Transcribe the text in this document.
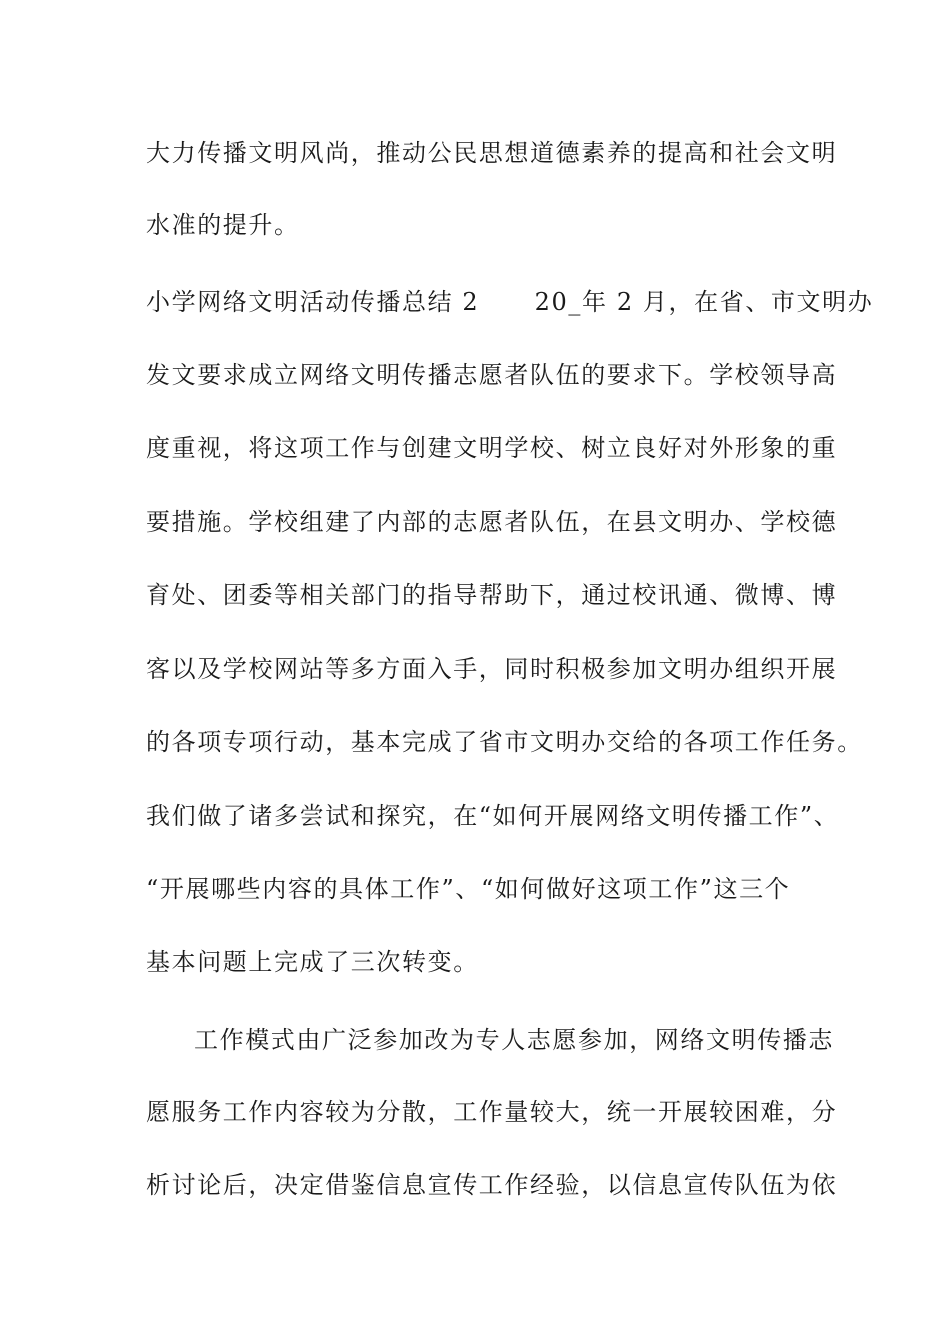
大力传播文明风尚，推动公民思想道德素养的提高和社会文明
水准的提升。
小学网络文明活动传播总结 2      20_年 2 月，在省、市文明办
发文要求成立网络文明传播志愿者队伍的要求下。学校领导高
度重视，将这项工作与创建文明学校、树立良好对外形象的重
要措施。学校组建了内部的志愿者队伍，在县文明办、学校德
育处、团委等相关部门的指导帮助下，通过校讯通、微博、博
客以及学校网站等多方面入手，同时积极参加文明办组织开展
的各项专项行动，基本完成了省市文明办交给的各项工作任务。
我们做了诸多尝试和探究，在“如何开展网络文明传播工作”、
“开展哪些内容的具体工作”、“如何做好这项工作”这三个
基本问题上完成了三次转变。
工作模式由广泛参加改为专人志愿参加，网络文明传播志
愿服务工作内容较为分散，工作量较大，统一开展较困难，分
析讨论后，决定借鉴信息宣传工作经验，以信息宣传队伍为依
